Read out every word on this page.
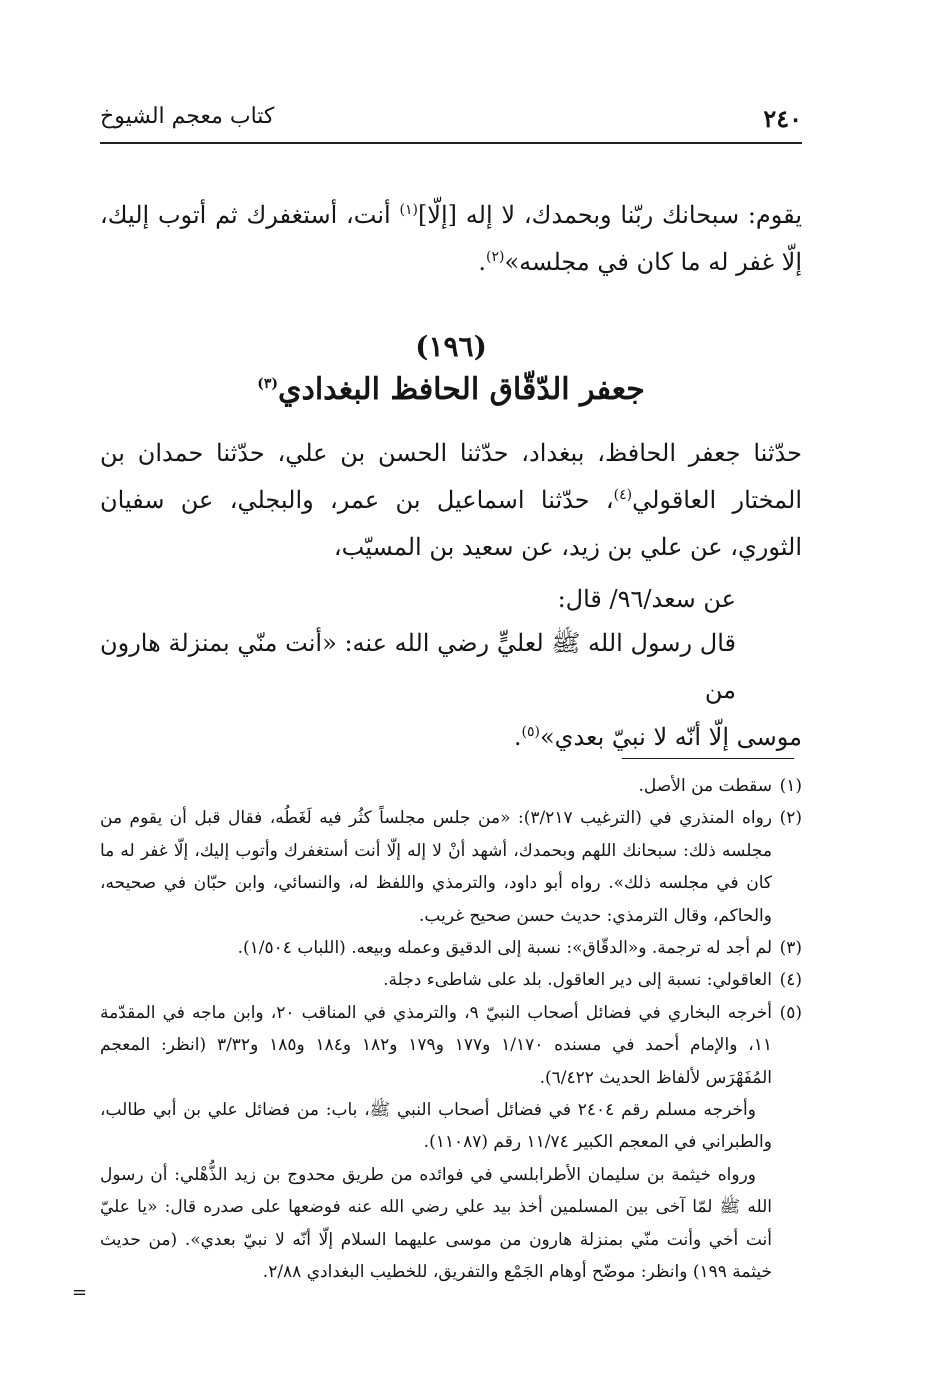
كتاب معجم الشيوخ	٢٤٠
يقوم: سبحانك ربّنا وبحمدك، لا إله [إلّا]$^{(١)}$ أنت، أستغفرك ثم أتوب إليك، إلّا غفر له ما كان في مجلسه»$^{(٢)}$.
(١٩٦)
جعفر الدّقّاق الحافظ البغدادي$^{(٣)}$
حدّثنا جعفر الحافظ، ببغداد، حدّثنا الحسن بن علي، حدّثنا حمدان بن المختار العاقولي$^{(٤)}$، حدّثنا اسماعيل بن عمر، والبجلي، عن سفيان الثوري، عن علي بن زيد، عن سعيد بن المسيّب،
عن سعد/٩٦/ قال:
قال رسول الله ﷺ لعليٍّ رضي الله عنه: «أنت منّي بمنزلة هارون من
موسى إلّا أنّه لا نبيّ بعدي»$^{(٥)}$.
(١)
سقطت من الأصل.
(٢)
رواه المنذري في (الترغيب ٣/٢١٧): «من جلس مجلساً كثُر فيه لَغَطُه، فقال قبل أن يقوم من مجلسه ذلك: سبحانك اللهم وبحمدك، أشهد أنْ لا إله إلّا أنت أستغفرك وأتوب إليك، إلّا غفر له ما كان في مجلسه ذلك». رواه أبو داود، والترمذي واللفظ له، والنسائي، وابن حبّان في صحيحه، والحاكم، وقال الترمذي: حديث حسن صحيح غريب.
(٣)
لم أجد له ترجمة. و«الدقّاق»: نسبة إلى الدقيق وعمله وبيعه. (اللباب ١/٥٠٤).
(٤)
العاقولي: نسبة إلى دير العاقول. بلد على شاطىء دجلة.
(٥)
أخرجه البخاري في فضائل أصحاب النبيّ ٩، والترمذي في المناقب ٢٠، وابن ماجه في المقدّمة ١١، والإمام أحمد في مسنده ١/١٧٠ و١٧٧ و١٧٩ و١٨٢ و١٨٤ و١٨٥ و٣/٣٢ (انظر: المعجم المُفَهْرَس لألفاظ الحديث ٦/٤٢٢).
وأخرجه مسلم رقم ٢٤٠٤ في فضائل أصحاب النبي ﷺ، باب: من فضائل علي بن أبي طالب، والطبراني في المعجم الكبير ١١/٧٤ رقم (١١٠٨٧).
ورواه خيثمة بن سليمان الأطرابلسي في فوائده من طريق محدوج بن زيد الذُّهْلي: أن رسول الله ﷺ لمّا آخى بين المسلمين أخذ بيد علي رضي الله عنه فوضعها على صدره قال: «يا عليّ أنت أخي وأنت منّي بمنزلة هارون من موسى عليهما السلام إلّا أنّه لا نبيّ بعدي». (من حديث خيثمة ١٩٩) وانظر: موضّح أوهام الجَمْع والتفريق، للخطيب البغدادي ٢/٨٨.
=
